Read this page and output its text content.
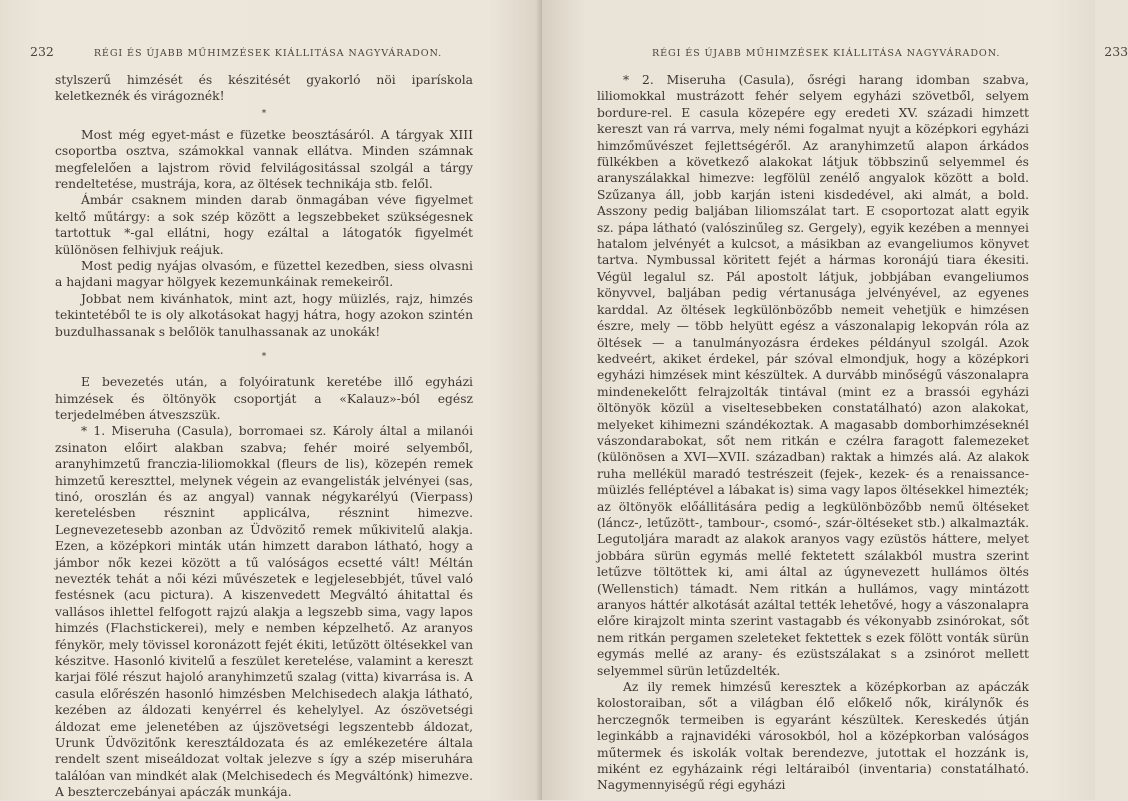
232	RÉGI ÉS ÚJABB MŰHIMZÉSEK KIÁLLITÁSA NAGYVÁRADON.

stylszerű himzését és készitését gyakorló nöi iparískola keletkeznék és virágoznék!

*

Most még egyet-mást e füzetke beosztásáról. A tárgyak XIII csoportba osztva, számokkal vannak ellátva. Minden számnak megfelelően a lajstrom rövid felvilágositással szolgál a tárgy rendeltetése, mustrája, kora, az öltések technikája stb. felől.

Ámbár csaknem minden darab önmagában véve figyelmet keltő műtárgy: a sok szép között a legszebbeket szükségesnek tartottuk *-gal ellátni, hogy ezáltal a látogatók figyelmét különösen felhivjuk reájuk.

Most pedig nyájas olvasóm, e füzettel kezedben, siess olvasni a hajdani magyar hölgyek kezemunkáinak remekeiről.

Jobbat nem kivánhatok, mint azt, hogy müizlés, rajz, himzés tekintetéből te is oly alkotásokat hagyj hátra, hogy azokon szintén buzdulhassanak s belőlök tanulhassanak az unokák!

*

E bevezetés után, a folyóiratunk keretébe illő egyházi himzések és öltönyök csoportját a «Kalauz»-ból egész terjedelmében átveszszük.

* 1. Miseruha (Casula), borromaei sz. Károly által a milanói zsinaton előirt alakban szabva; fehér moiré selyemből, aranyhimzetű franczia-liliomokkal (fleurs de lis), közepén remek himzetű kereszttel, melynek végein az evangelisták jelvényei (sas, tinó, oroszlán és az angyal) vannak négykarélyú (Vierpass) keretelésben résznint applicálva, résznint himezve. Legnevezetesebb azonban az Üdvözitő remek műkivitelű alakja. Ezen, a középkori minták után himzett darabon látható, hogy a jámbor nők kezei között a tű valóságos ecsetté vált! Méltán nevezték tehát a női kézi művészetek e legjelesebbjét, tűvel való festésnek (acu pictura). A kiszenvedett Megváltó áhitattal és vallásos ihlettel felfogott rajzú alakja a legszebb sima, vagy lapos himzés (Flachstickerei), mely e nemben képzelhető. Az aranyos fénykör, mely tövissel koronázott fejét ékiti, letűzött öltésekkel van készitve. Hasonló kivitelű a feszület keretelése, valamint a kereszt karjai fölé részut hajoló aranyhimzetű szalag (vitta) kivarrása is. A casula előrészén hasonló himzésben Melchisedech alakja látható, kezében az áldozati kenyérrel és kehelylyel. Az ószövetségi áldozat eme jelenetében az újszövetségi legszentebb áldozat, Urunk Üdvözitőnk keresztáldozata és az emlékezetére általa rendelt szent miseáldozat voltak jelezve s így a szép miseruhára találóan van mindkét alak (Melchisedech és Megváltónk) himezve. A beszterczebányai apáczák munkája.

RÉGI ÉS ÚJABB MŰHIMZÉSEK KIÁLLITÁSA NAGYVÁRADON.	233

* 2. Miseruha (Casula), ősrégi harang idomban szabva, liliomokkal mustrázott fehér selyem egyházi szövetből, selyem bordure-rel. E casula közepére egy eredeti XV. századi himzett kereszt van rá varrva, mely némi fogalmat nyujt a középkori egyházi himzőművészet fejlettségéről. Az aranyhimzetű alapon árkádos fülkékben a következő alakokat látjuk többszinű selyemmel és aranyszálakkal himezve: legfölül zenélő angyalok között a bold. Szűzanya áll, jobb karján isteni kisdedével, aki almát, a bold. Asszony pedig baljában liliomszálat tart. E csoportozat alatt egyik sz. pápa látható (valószinűleg sz. Gergely), egyik kezében a mennyei hatalom jelvényét a kulcsot, a másikban az evangeliumos könyvet tartva. Nymbussal köritett fejét a hármas koronájú tiara ékesiti. Végül legalul sz. Pál apostolt látjuk, jobbjában evangeliumos könyvvel, baljában pedig vértanusága jelvényével, az egyenes karddal. Az öltések legkülönbözőbb nemeit vehetjük e himzésen észre, mely — több helyütt egész a vászonalapig lekopván róla az öltések — a tanulmányozásra érdekes példányul szolgál. Azok kedveért, akiket érdekel, pár szóval elmondjuk, hogy a középkori egyházi himzések mint készültek. A durvább minőségű vászonalapra mindenekelőtt felrajzolták tintával (mint ez a brassói egyházi öltönyök közül a viseltesebbeken constatálható) azon alakokat, melyeket kihimezni szándékoztak. A magasabb domborhimzéseknél vászondarabokat, sőt nem ritkán e czélra faragott falemezeket (különösen a XVI—XVII. században) raktak a himzés alá. Az alakok ruha mellékül maradó testrészeit (fejek-, kezek- és a renaissance-müizlés felléptével a lábakat is) sima vagy lapos öltésekkel himezték; az öltönyök előállitására pedig a legkülönbözőbb nemű öltéseket (láncz-, letűzött-, tambour-, csomó-, szár-öltéseket stb.) alkalmazták. Legutoljára maradt az alakok aranyos vagy ezüstös háttere, melyet jobbára sürün egymás mellé fektetett szálakból mustra szerint letűzve töltöttek ki, ami által az úgynevezett hullámos öltés (Wellenstich) támadt. Nem ritkán a hullámos, vagy mintázott aranyos háttér alkotását azáltal tették lehetővé, hogy a vászonalapra előre kirajzolt minta szerint vastagabb és vékonyabb zsinórokat, sőt nem ritkán pergamen szeleteket fektettek s ezek fölött vonták sürün egymás mellé az arany- és ezüstszálakat s a zsinórot mellett selyemmel sürün letűzdelték.

Az ily remek himzésű keresztek a középkorban az apáczák kolostoraiban, sőt a világban élő előkelő nők, királynők és herczegnők termeiben is egyaránt készültek. Kereskedés útján leginkább a rajnavidéki városokból, hol a középkorban valóságos műtermek és iskolák voltak berendezve, jutottak el hozzánk is, miként ez egyházaink régi leltáraiból (inventaria) constatálható. Nagymennyiségű régi egyházi
